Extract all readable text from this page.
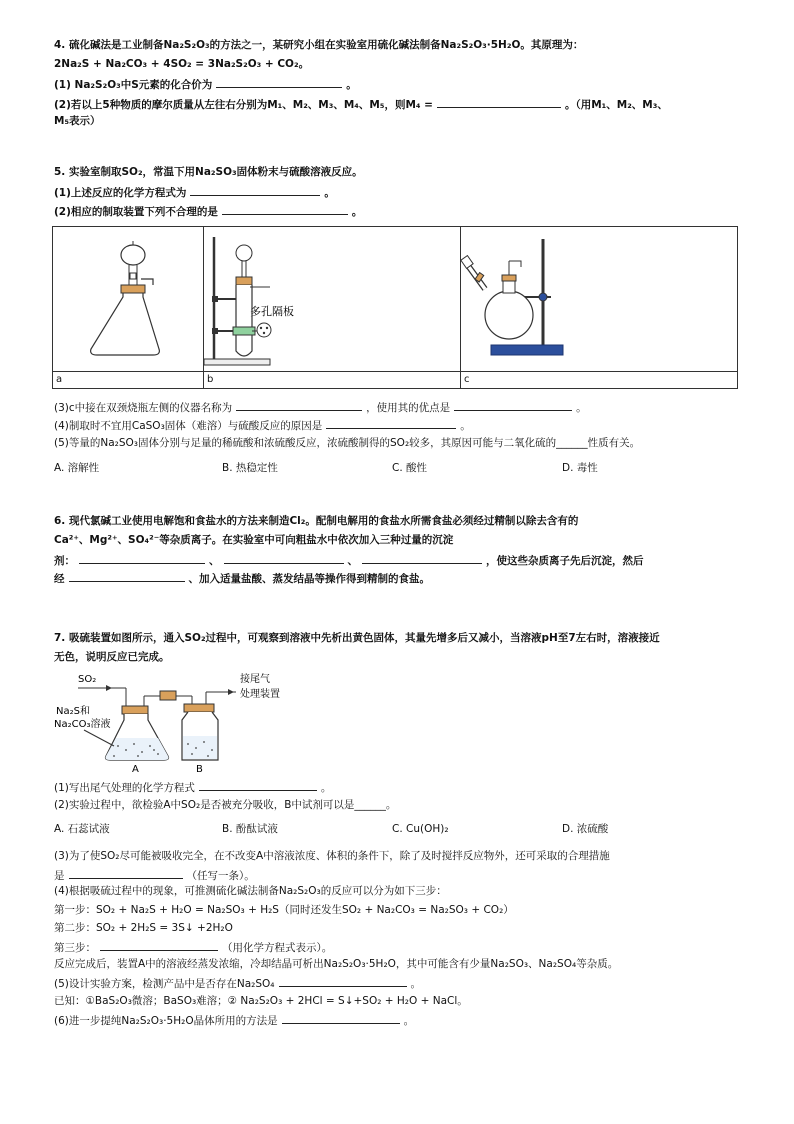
4. 硫化碱法是工业制备Na₂S₂O₃的方法之一，某研究小组在实验室用硫化碱法制备Na₂S₂O₃·5H₂O。其原理为：
2Na₂S + Na₂CO₃ + 4SO₂ = 3Na₂S₂O₃ + CO₂。
(1) Na₂S₂O₃中S元素的化合价为	。
(2)若以上5种物质的摩尔质量从左往右分别为M₁、M₂、M₃、M₄、M₅，则M₄ =	。（用M₁、M₂、M₃、
M₅表示）
5. 实验室制取SO₂，常温下用Na₂SO₃固体粉末与硫酸溶液反应。
(1)上述反应的化学方程式为	。
(2)相应的制取装置下列不合理的是	。

多孔隔板

a	b	c
(3)c中接在双颈烧瓶左侧的仪器名称为	，使用其的优点是	。
(4)制取时不宜用CaSO₃固体（难溶）与硫酸反应的原因是	。
(5)等量的Na₂SO₃固体分别与足量的稀硫酸和浓硫酸反应，浓硫酸制得的SO₂较多，其原因可能与二氧化硫的______性质有关。
A. 溶解性	B. 热稳定性	C. 酸性	D. 毒性
6. 现代氯碱工业使用电解饱和食盐水的方法来制造Cl₂。配制电解用的食盐水所需食盐必须经过精制以除去含有的
Ca²⁺、Mg²⁺、SO₄²⁻等杂质离子。在实验室中可向粗盐水中依次加入三种过量的沉淀
剂：	、	、	，使这些杂质离子先后沉淀，然后
经	、加入适量盐酸、蒸发结晶等操作得到精制的食盐。
7. 吸硫装置如图所示，通入SO₂过程中，可观察到溶液中先析出黄色固体，其量先增多后又减小，当溶液pH至7左右时，溶液接近
无色，说明反应已完成。
SO₂	接尾气
处理装置
Na₂S和
Na₂CO₃溶液
A	B
(1)写出尾气处理的化学方程式	。
(2)实验过程中，欲检验A中SO₂是否被充分吸收，B中试剂可以是______。
A. 石蕊试液	B. 酚酞试液	C. Cu(OH)₂	D. 浓硫酸
(3)为了使SO₂尽可能被吸收完全，在不改变A中溶液浓度、体积的条件下，除了及时搅拌反应物外，还可采取的合理措施
是	（任写一条）。
(4)根据吸硫过程中的现象，可推测硫化碱法制备Na₂S₂O₃的反应可以分为如下三步：
第一步：SO₂ + Na₂S + H₂O = Na₂SO₃ + H₂S（同时还发生SO₂ + Na₂CO₃ = Na₂SO₃ + CO₂）
第二步：SO₂ + 2H₂S = 3S↓ +2H₂O
第三步：	（用化学方程式表示）。
反应完成后，装置A中的溶液经蒸发浓缩，冷却结晶可析出Na₂S₂O₃·5H₂O，其中可能含有少量Na₂SO₃、Na₂SO₄等杂质。
(5)设计实验方案，检测产品中是否存在Na₂SO₄	。
已知：①BaS₂O₃微溶；BaSO₃难溶；② Na₂S₂O₃ + 2HCl = S↓+SO₂ + H₂O + NaCl。
(6)进一步提纯Na₂S₂O₃·5H₂O晶体所用的方法是	。
